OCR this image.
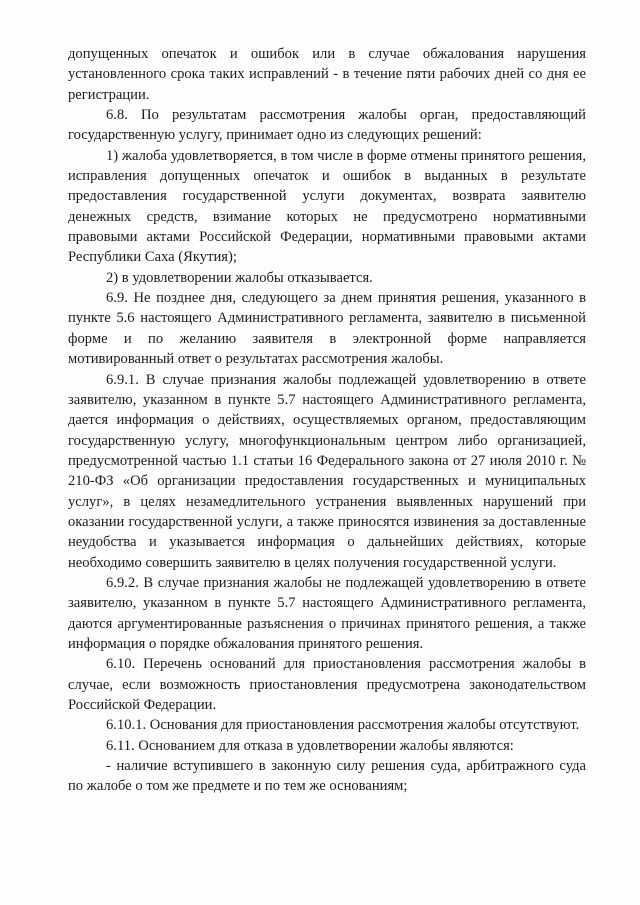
допущенных опечаток и ошибок или в случае обжалования нарушения установленного срока таких исправлений - в течение пяти рабочих дней со дня ее регистрации.

6.8. По результатам рассмотрения жалобы орган, предоставляющий государственную услугу, принимает одно из следующих решений:

1) жалоба удовлетворяется, в том числе в форме отмены принятого решения, исправления допущенных опечаток и ошибок в выданных в результате предоставления государственной услуги документах, возврата заявителю денежных средств, взимание которых не предусмотрено нормативными правовыми актами Российской Федерации, нормативными правовыми актами Республики Саха (Якутия);

2) в удовлетворении жалобы отказывается.

6.9. Не позднее дня, следующего за днем принятия решения, указанного в пункте 5.6 настоящего Административного регламента, заявителю в письменной форме и по желанию заявителя в электронной форме направляется мотивированный ответ о результатах рассмотрения жалобы.

6.9.1. В случае признания жалобы подлежащей удовлетворению в ответе заявителю, указанном в пункте 5.7 настоящего Административного регламента, дается информация о действиях, осуществляемых органом, предоставляющим государственную услугу, многофункциональным центром либо организацией, предусмотренной частью 1.1 статьи 16 Федерального закона от 27 июля 2010 г. № 210-ФЗ «Об организации предоставления государственных и муниципальных услуг», в целях незамедлительного устранения выявленных нарушений при оказании государственной услуги, а также приносятся извинения за доставленные неудобства и указывается информация о дальнейших действиях, которые необходимо совершить заявителю в целях получения государственной услуги.

6.9.2. В случае признания жалобы не подлежащей удовлетворению в ответе заявителю, указанном в пункте 5.7 настоящего Административного регламента, даются аргументированные разъяснения о причинах принятого решения, а также информация о порядке обжалования принятого решения.

6.10. Перечень оснований для приостановления рассмотрения жалобы в случае, если возможность приостановления предусмотрена законодательством Российской Федерации.

6.10.1. Основания для приостановления рассмотрения жалобы отсутствуют.

6.11. Основанием для отказа в удовлетворении жалобы являются:

- наличие вступившего в законную силу решения суда, арбитражного суда по жалобе о том же предмете и по тем же основаниям;
